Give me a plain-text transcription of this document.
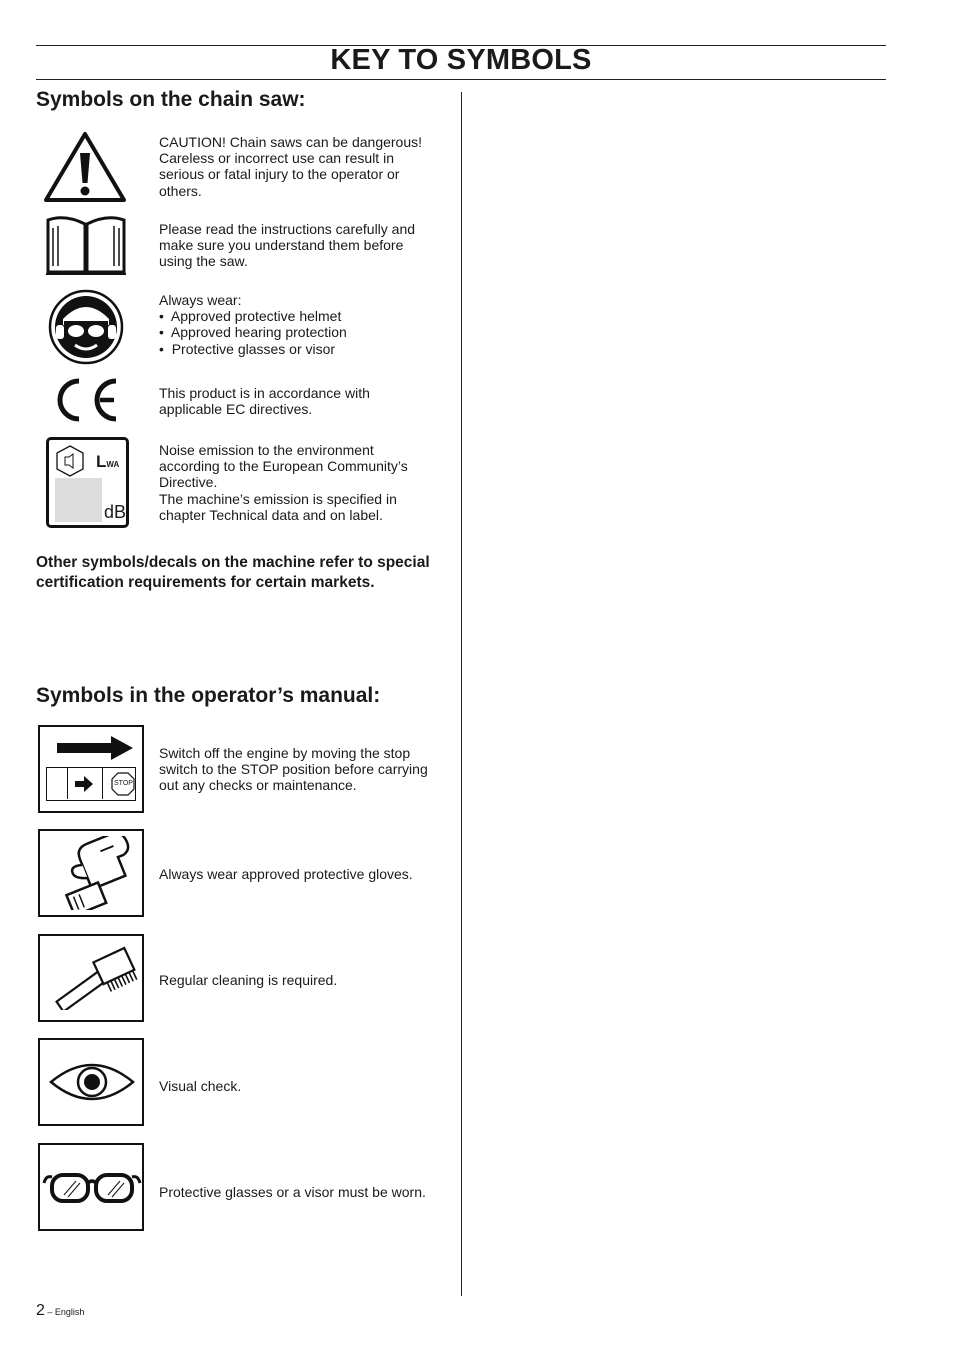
KEY TO SYMBOLS
Symbols on the chain saw:
CAUTION! Chain saws can be dangerous!
Careless or incorrect use can result in
serious or fatal injury to the operator or
others.
Please read the instructions carefully and
make sure you understand them before
using the saw.
Always wear:
•  Approved protective helmet
•  Approved hearing protection
•  Protective glasses or visor
This product is in accordance with
applicable EC directives.
LWA
dB
Noise emission to the environment
according to the European Community’s
Directive.
The machine’s emission is specified in
chapter Technical data and on label.
Other symbols/decals on the machine refer to special certification requirements for certain markets.
Symbols in the operator’s manual:
STOP
Switch off the engine by moving the stop
switch to the STOP position before carrying
out any checks or maintenance.
Always wear approved protective gloves.
Regular cleaning is required.
Visual check.
Protective glasses or a visor must be worn.
2 – English
